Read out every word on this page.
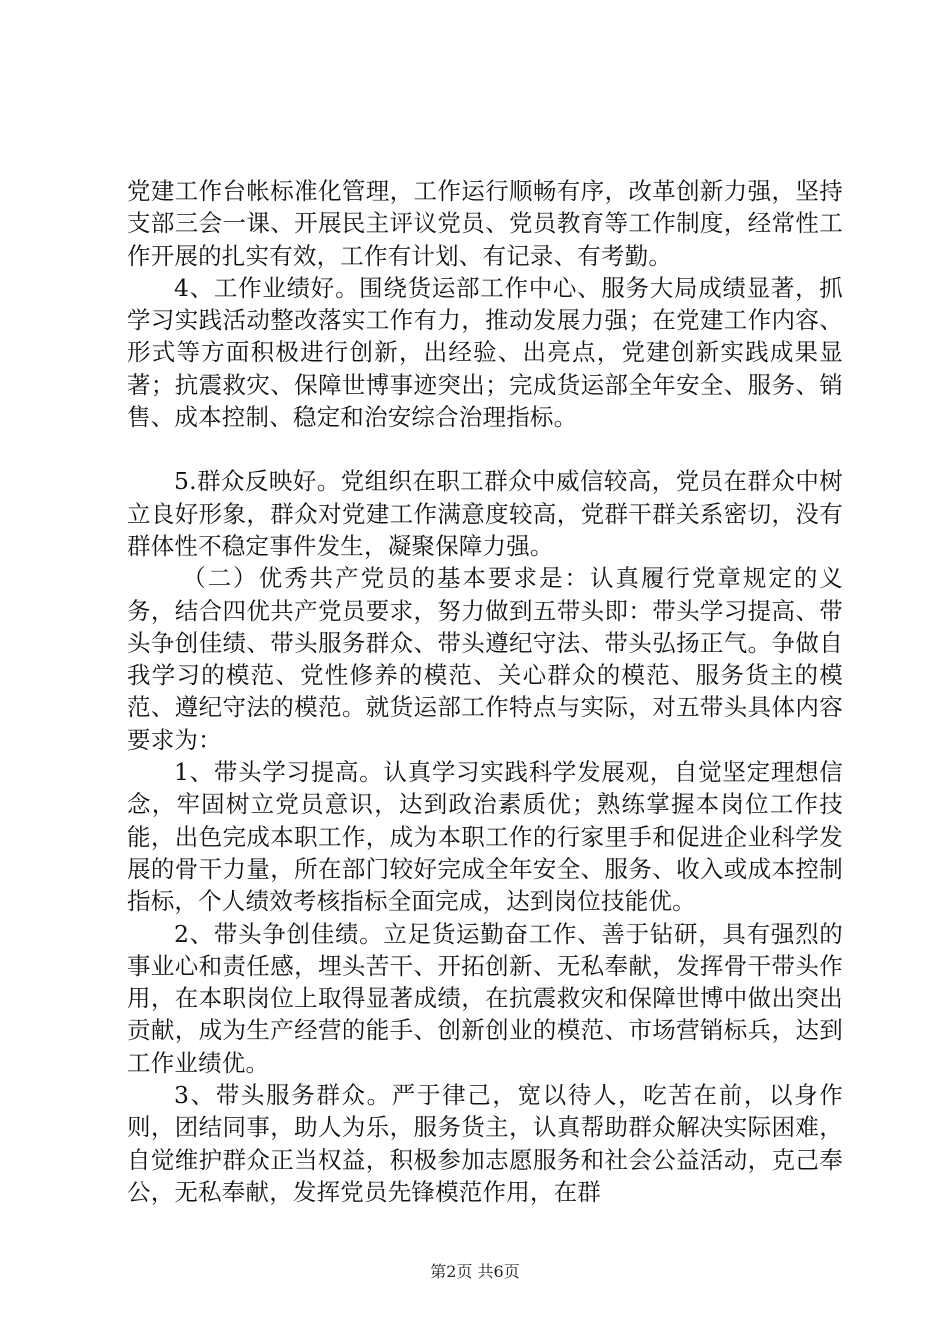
党建工作台帐标准化管理，工作运行顺畅有序，改革创新力强，坚持支部三会一课、开展民主评议党员、党员教育等工作制度，经常性工作开展的扎实有效，工作有计划、有记录、有考勤。

4、工作业绩好。围绕货运部工作中心、服务大局成绩显著，抓学习实践活动整改落实工作有力，推动发展力强；在党建工作内容、形式等方面积极进行创新，出经验、出亮点，党建创新实践成果显著；抗震救灾、保障世博事迹突出；完成货运部全年安全、服务、销售、成本控制、稳定和治安综合治理指标。

5.群众反映好。党组织在职工群众中威信较高，党员在群众中树立良好形象，群众对党建工作满意度较高，党群干群关系密切，没有群体性不稳定事件发生，凝聚保障力强。

（二）优秀共产党员的基本要求是：认真履行党章规定的义务，结合四优共产党员要求，努力做到五带头即：带头学习提高、带头争创佳绩、带头服务群众、带头遵纪守法、带头弘扬正气。争做自我学习的模范、党性修养的模范、关心群众的模范、服务货主的模范、遵纪守法的模范。就货运部工作特点与实际，对五带头具体内容要求为：

1、带头学习提高。认真学习实践科学发展观，自觉坚定理想信念，牢固树立党员意识，达到政治素质优；熟练掌握本岗位工作技能，出色完成本职工作，成为本职工作的行家里手和促进企业科学发展的骨干力量，所在部门较好完成全年安全、服务、收入或成本控制指标，个人绩效考核指标全面完成，达到岗位技能优。

2、带头争创佳绩。立足货运勤奋工作、善于钻研，具有强烈的事业心和责任感，埋头苦干、开拓创新、无私奉献，发挥骨干带头作用，在本职岗位上取得显著成绩，在抗震救灾和保障世博中做出突出贡献，成为生产经营的能手、创新创业的模范、市场营销标兵，达到工作业绩优。

3、带头服务群众。严于律己，宽以待人，吃苦在前，以身作则，团结同事，助人为乐，服务货主，认真帮助群众解决实际困难，自觉维护群众正当权益，积极参加志愿服务和社会公益活动，克己奉公，无私奉献，发挥党员先锋模范作用，在群

第2页 共6页
